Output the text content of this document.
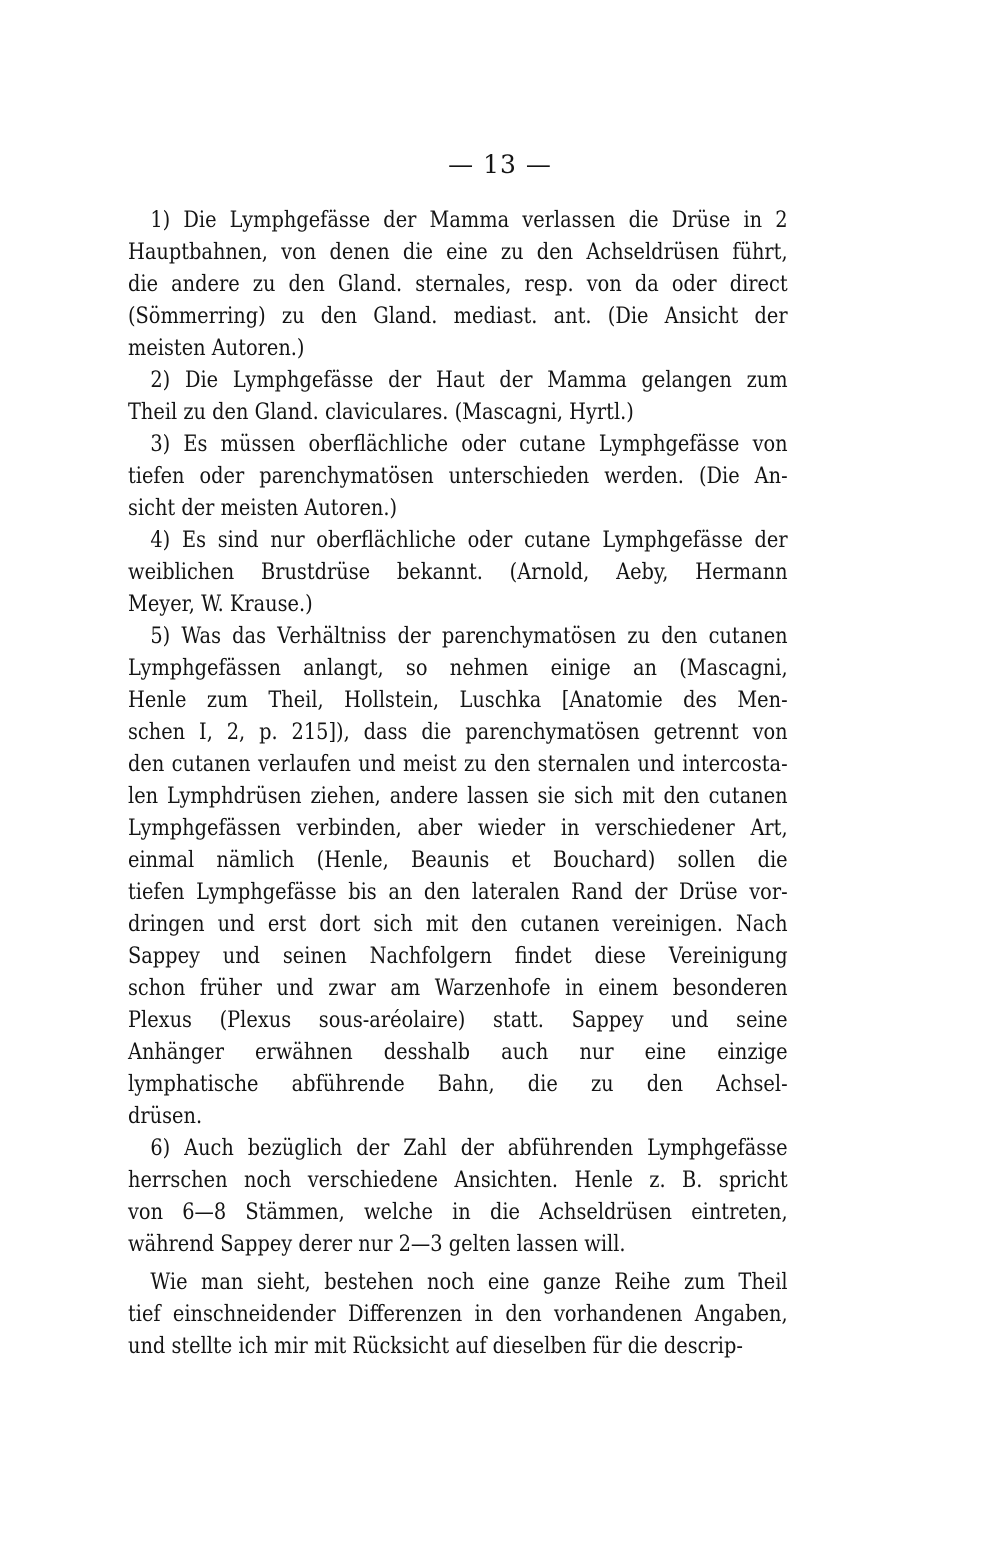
— 13 —
1) Die Lymphgefässe der Mamma verlassen die Drüse in 2
Hauptbahnen, von denen die eine zu den Achseldrüsen führt,
die andere zu den Gland. sternales, resp. von da oder direct
(Sömmerring) zu den Gland. mediast. ant. (Die Ansicht der
meisten Autoren.)
2) Die Lymphgefässe der Haut der Mamma gelangen zum
Theil zu den Gland. claviculares. (Mascagni, Hyrtl.)
3) Es müssen oberflächliche oder cutane Lymphgefässe von
tiefen oder parenchymatösen unterschieden werden. (Die An-
sicht der meisten Autoren.)
4) Es sind nur oberflächliche oder cutane Lymphgefässe der
weiblichen Brustdrüse bekannt. (Arnold, Aeby, Hermann
Meyer, W. Krause.)
5) Was das Verhältniss der parenchymatösen zu den cutanen
Lymphgefässen anlangt, so nehmen einige an (Mascagni,
Henle zum Theil, Hollstein, Luschka [Anatomie des Men-
schen I, 2, p. 215]), dass die parenchymatösen getrennt von
den cutanen verlaufen und meist zu den sternalen und intercosta-
len Lymphdrüsen ziehen, andere lassen sie sich mit den cutanen
Lymphgefässen verbinden, aber wieder in verschiedener Art,
einmal nämlich (Henle, Beaunis et Bouchard) sollen die
tiefen Lymphgefässe bis an den lateralen Rand der Drüse vor-
dringen und erst dort sich mit den cutanen vereinigen. Nach
Sappey und seinen Nachfolgern findet diese Vereinigung
schon früher und zwar am Warzenhofe in einem besonderen
Plexus (Plexus sous-aréolaire) statt. Sappey und seine
Anhänger erwähnen desshalb auch nur eine einzige
lymphatische abführende Bahn, die zu den Achsel-
drüsen.
6) Auch bezüglich der Zahl der abführenden Lymphgefässe
herrschen noch verschiedene Ansichten. Henle z. B. spricht
von 6—8 Stämmen, welche in die Achseldrüsen eintreten,
während Sappey derer nur 2—3 gelten lassen will.
Wie man sieht, bestehen noch eine ganze Reihe zum Theil
tief einschneidender Differenzen in den vorhandenen Angaben,
und stellte ich mir mit Rücksicht auf dieselben für die descrip-
